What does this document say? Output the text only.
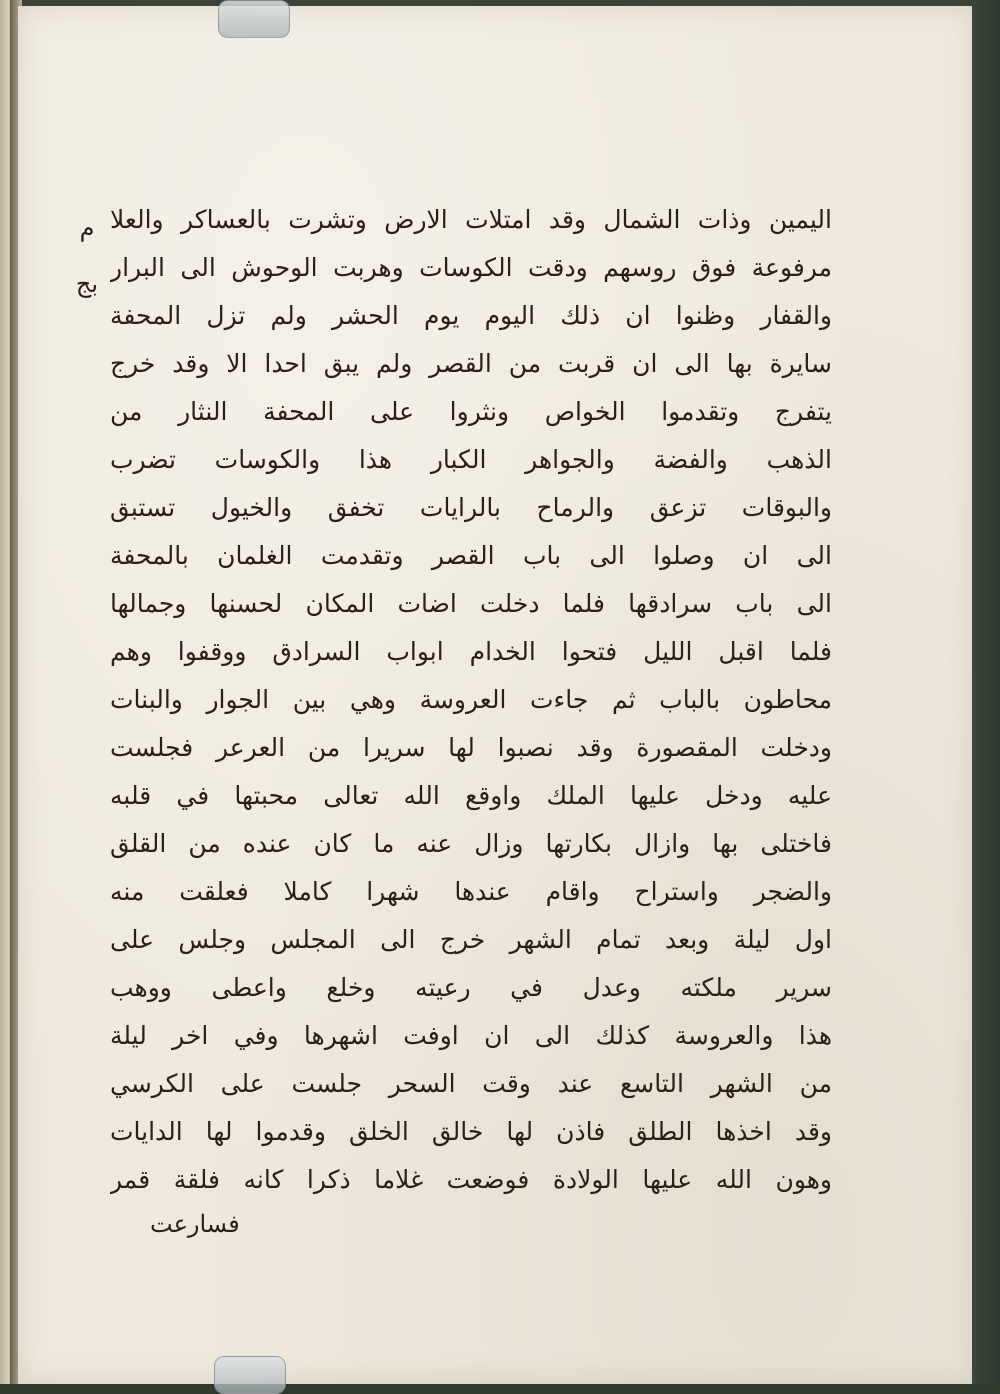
م
بج
اليمين وذات الشمال وقد امتلات الارض وتشرت بالعساكر والعلا
مرفوعة فوق روسهم ودقت الكوسات وهربت الوحوش الى البرار
والقفار وظنوا ان ذلك اليوم يوم الحشر ولم تزل المحفة
سايرة بها الى ان قربت من القصر ولم يبق احدا الا وقد خرج
يتفرج وتقدموا الخواص ونثروا على المحفة النثار من
الذهب والفضة والجواهر الكبار هذا والكوسات تضرب
والبوقات تزعق والرماح بالرايات تخفق والخيول تستبق
الى ان وصلوا الى باب القصر وتقدمت الغلمان بالمحفة
الى باب سرادقها فلما دخلت اضات المكان لحسنها وجمالها
فلما اقبل الليل فتحوا الخدام ابواب السرادق ووقفوا وهم
محاطون بالباب ثم جاءت العروسة وهي بين الجوار والبنات
ودخلت المقصورة وقد نصبوا لها سريرا من العرعر فجلست
عليه ودخل عليها الملك واوقع الله تعالى محبتها في قلبه
فاختلى بها وازال بكارتها وزال عنه ما كان عنده من القلق
والضجر واستراح واقام عندها شهرا كاملا فعلقت منه
اول ليلة وبعد تمام الشهر خرج الى المجلس وجلس على
سرير ملكته وعدل في رعيته وخلع واعطى ووهب
هذا والعروسة كذلك الى ان اوفت اشهرها وفي اخر ليلة
من الشهر التاسع عند وقت السحر جلست على الكرسي
وقد اخذها الطلق فاذن لها خالق الخلق وقدموا لها الدايات
وهون الله عليها الولادة فوضعت غلاما ذكرا كانه فلقة قمر
فسارعت
